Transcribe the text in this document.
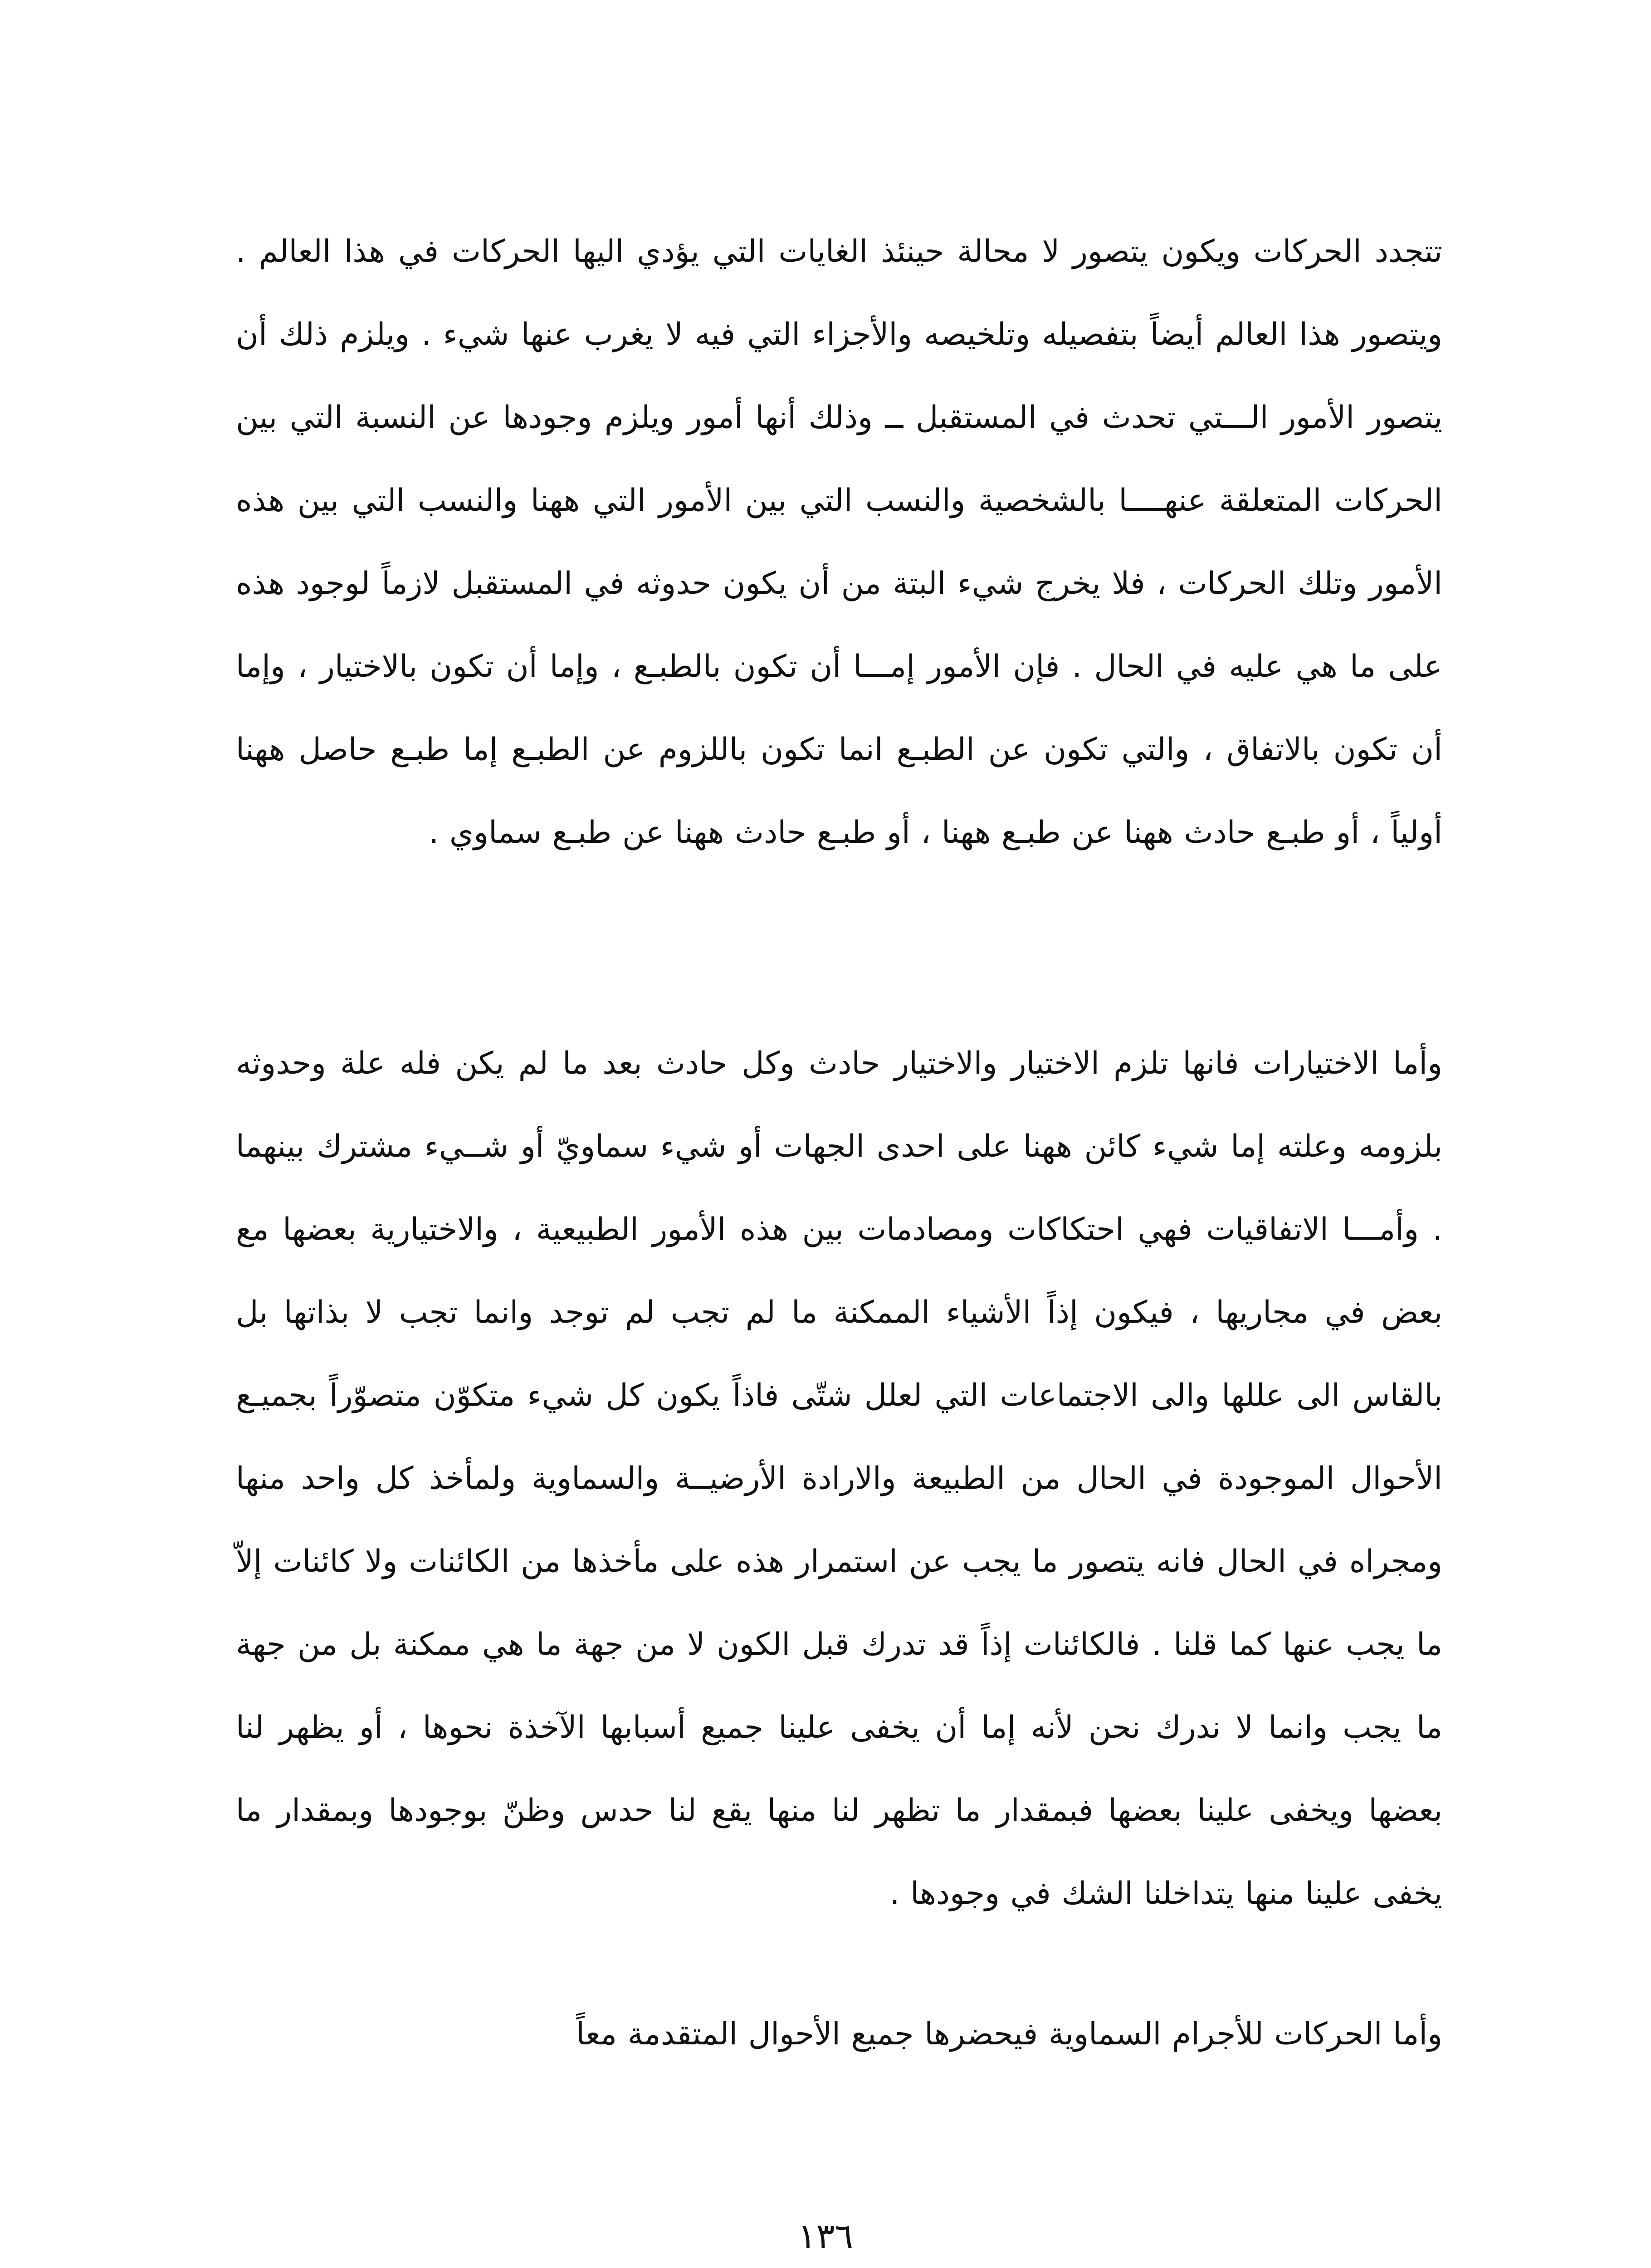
تتجدد الحركات ويكون يتصور لا محالة حينئذ الغايات التي يؤدي اليها الحركات في هذا العالم . ويتصور هذا العالم أيضاً بتفصيله وتلخيصه والأجزاء التي فيه لا يغرب عنها شيء . ويلزم ذلك أن يتصور الأمور الـــتي تحدث في المستقبل ــ وذلك أنها أمور ويلزم وجودها عن النسبة التي بين الحركات المتعلقة عنهــــا بالشخصية والنسب التي بين الأمور التي ههنا والنسب التي بين هذه الأمور وتلك الحركات ، فلا يخرج شيء البتة من أن يكون حدوثه في المستقبل لازماً لوجود هذه على ما هي عليه في الحال . فإن الأمور إمـــا أن تكون بالطبـع ، وإما أن تكون بالاختيار ، وإما أن تكون بالاتفاق ، والتي تكون عن الطبـع انما تكون باللزوم عن الطبـع إما طبـع حاصل ههنا أولياً ، أو طبـع حادث ههنا عن طبـع ههنا ، أو طبـع حادث ههنا عن طبـع سماوي .

وأما الاختيارات فانها تلزم الاختيار والاختيار حادث وكل حادث بعد ما لم يكن فله علة وحدوثه بلزومه وعلته إما شيء كائن ههنا على احدى الجهات أو شيء سماويّ أو شــيء مشترك بينهما . وأمـــا الاتفاقيات فهي احتكاكات ومصادمات بين هذه الأمور الطبيعية ، والاختيارية بعضها مع بعض في مجاريها ، فيكون إذاً الأشياء الممكنة ما لم تجب لم توجد وانما تجب لا بذاتها بل بالقاس الى عللها والى الاجتماعات التي لعلل شتّى فاذاً يكون كل شيء متكوّن متصوّراً بجميـع الأحوال الموجودة في الحال من الطبيعة والارادة الأرضيــة والسماوية ولمأخذ كل واحد منها ومجراه في الحال فانه يتصور ما يجب عن استمرار هذه على مأخذها من الكائنات ولا كائنات إلاّ ما يجب عنها كما قلنا . فالكائنات إذاً قد تدرك قبل الكون لا من جهة ما هي ممكنة بل من جهة ما يجب وانما لا ندرك نحن لأنه إما أن يخفى علينا جميع أسبابها الآخذة نحوها ، أو يظهر لنا بعضها ويخفى علينا بعضها فبمقدار ما تظهر لنا منها يقع لنا حدس وظنّ بوجودها وبمقدار ما يخفى علينا منها يتداخلنا الشك في وجودها .

وأما الحركات للأجرام السماوية فيحضرها جميع الأحوال المتقدمة معاً

١٣٦
